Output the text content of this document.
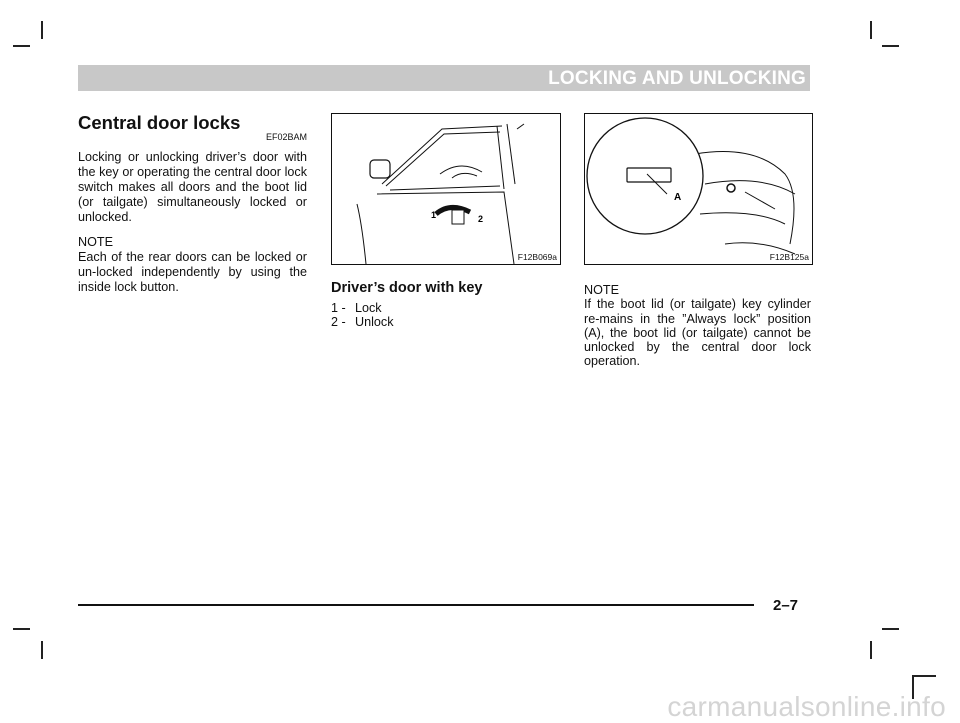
LOCKING AND UNLOCKING
Central door locks
EF02BAM
Locking or unlocking driver’s door with the key or operating the central door lock switch makes all doors and the boot lid (or tailgate) simultaneously locked or unlocked.
NOTE
Each of the rear doors can be locked or un-locked independently by using the inside lock button.
1	2
F12B069a
A
F12B125a
Driver’s door with key
1 - Lock
2 - Unlock
NOTE
If the boot lid (or tailgate) key cylinder re-mains in the ”Always lock” position (A), the boot lid (or tailgate) cannot be unlocked by the central door lock operation.
2–7
carmanualsonline.info
